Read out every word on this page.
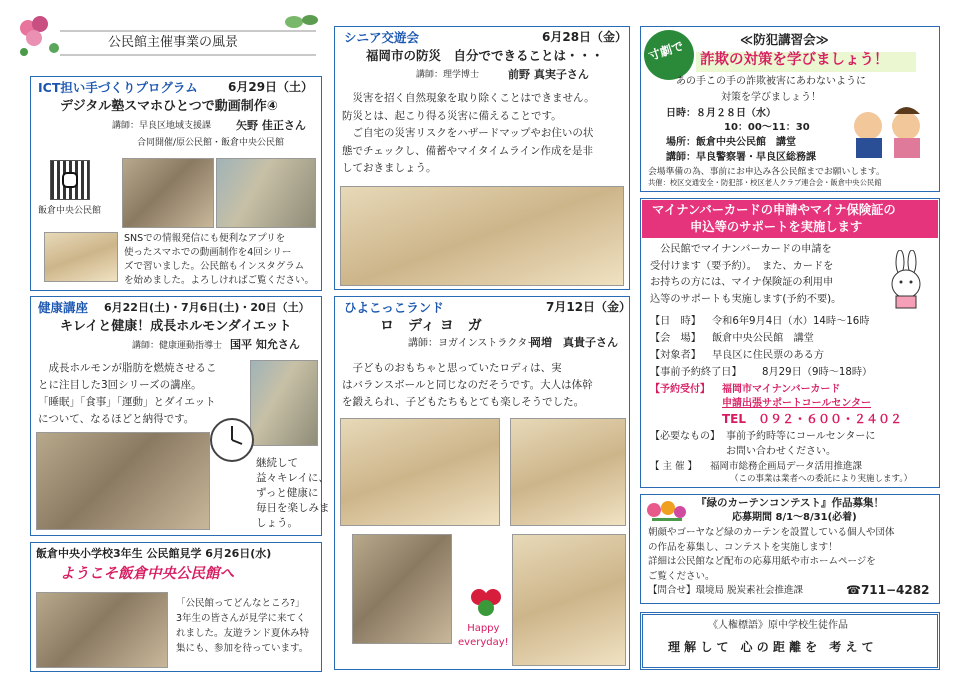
公民館主催事業の風景
ICT担い手づくりプログラム	6月29日（土）
デジタル塾スマホひとつで動画制作④
講師：早良区地域支援課 矢野 佳正さん
合同開催/原公民館・飯倉中央公民館
飯倉中央公民館
SNSでの情報発信にも便利なアプリを
使ったスマホでの動画制作を4回シリー
ズで習いました。公民館もインスタグラム
を始めました。よろしければご覧ください。
健康講座 6月22日(土)・7月6日(土)・20日（土）
キレイと健康！成長ホルモンダイエット
講師：健康運動指導士 国平 知允さん
　成長ホルモンが脂肪を燃焼させるこ
とに注目した3回シリーズの講座。
「睡眠」「食事」「運動」とダイエット
について、なるほどと納得です。
継続して
益々キレイに、
ずっと健康に
毎日を楽しみま
しょう。
飯倉中央小学校3年生 公民館見学 6月26日(水)
ようこそ飯倉中央公民館へ
「公民館ってどんなところ?」
3年生の皆さんが見学に来てく
れました。友遊ランド夏休み特
集にも、参加を待っています。
シニア交遊会	6月28日（金）
福岡市の防災　自分でできることは・・・
講師：理学博士	前野 真実子さん
　災害を招く自然現象を取り除くことはできません。
防災とは、起こり得る災害に備えることです。
　ご自宅の災害リスクをハザードマップやお住いの状
態でチェックし、備蓄やマイタイムライン作成を是非
しておきましょう。
ひよこっこランド	7月12日（金）
ロ　ディ ヨ　ガ
講師：ヨガインストラクター
岡増　真貴子さん
　子どものおもちゃと思っていたロディは、実
はバランスボールと同じなのだそうです。大人は体幹
を鍛えられ、子どもたちもとても楽しそうでした。
Happy
everyday!
寸劇で	≪防犯講習会≫
詐欺の対策を学びましょう！
あの手この手の詐欺被害にあわないように
対策を学びましょう！
日時：８月２８日（水）
10：00～11：30
場所：飯倉中央公民館　講堂
講師：早良警察署・早良区総務課
会場準備の為、事前にお申込み各公民館までお願いします。
共催：校区交通安全・防犯部・校区老人クラブ連合会・飯倉中央公民館
マイナンバーカードの申請やマイナ保険証の
申込等のサポートを実施します
　公民館でマイナンバーカードの申請を
受付けます（要予約）。　また、カードを
お持ちの方には、マイナ保険証の利用申
込等のサポートも実施します(予約不要)。
【日　時】 令和6年9月4日（水）14時～16時
【会　場】 飯倉中央公民館　講堂
【対象者】 早良区に住民票のある方
【事前予約終了日】 8月29日（9時～18時）
【予約受付】 福岡市マイナンバーカード
申請出張サポートコールセンター
TEL　０９２・６００・２４０２
【必要なもの】 事前予約時等にコールセンターに
お問い合わせください。
【 主 催 】 福岡市総務企画局データ活用推進課
（この事業は業者への委託により実施します。）
『緑のカーテンコンテスト』作品募集！
応募期間 8/1～8/31(必着)
朝顔やゴーヤなど緑のカーテンを設置している個人や団体
の作品を募集し、コンテストを実施します！
詳細は公民館など配布の応募用紙や市ホームページを
ご覧ください。
【問合せ】環境局 脱炭素社会推進課	☎711−4282
《人権標語》原中学校生徒作品
理 解 し て　心 の 距 離 を　考 え て
